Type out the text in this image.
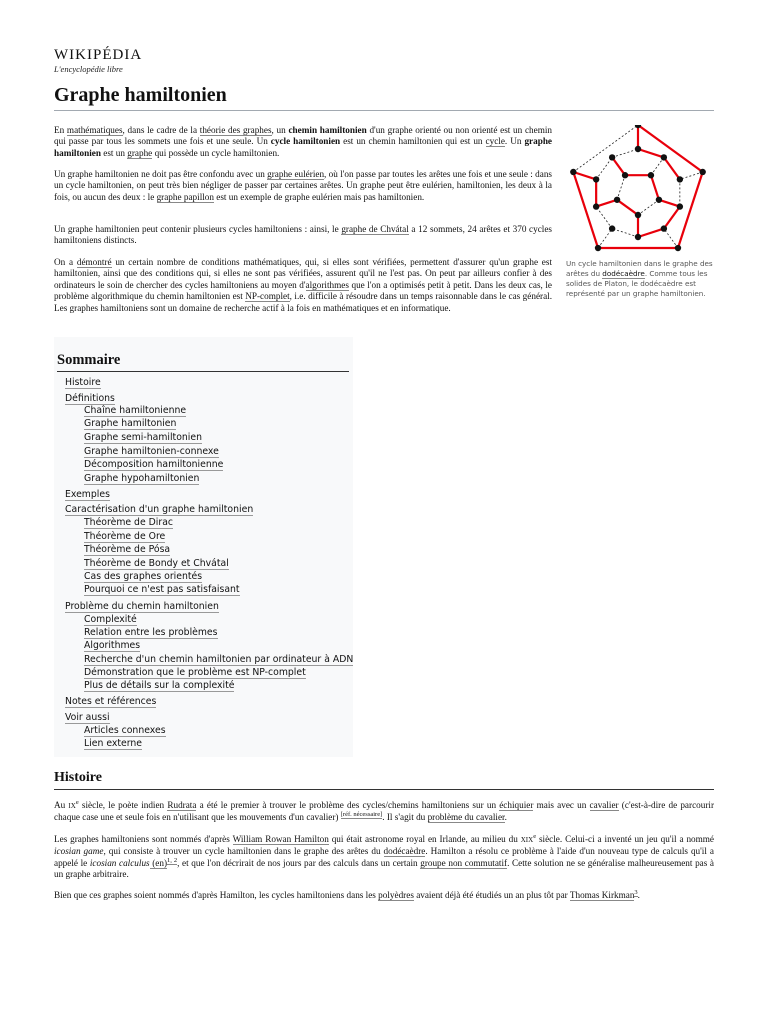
WIKIPÉDIA
L'encyclopédie libre
Graphe hamiltonien

En mathématiques, dans le cadre de la théorie des graphes, un chemin hamiltonien d'un graphe orienté ou non orienté est un chemin qui passe par tous les sommets une fois et une seule. Un cycle hamiltonien est un chemin hamiltonien qui est un cycle. Un graphe hamiltonien est un graphe qui possède un cycle hamiltonien.

Un graphe hamiltonien ne doit pas être confondu avec un graphe eulérien, où l'on passe par toutes les arêtes une fois et une seule : dans un cycle hamiltonien, on peut très bien négliger de passer par certaines arêtes. Un graphe peut être eulérien, hamiltonien, les deux à la fois, ou aucun des deux : le graphe papillon est un exemple de graphe eulérien mais pas hamiltonien.

Un graphe hamiltonien peut contenir plusieurs cycles hamiltoniens : ainsi, le graphe de Chvátal a 12 sommets, 24 arêtes et 370 cycles hamiltoniens distincts.

On a démontré un certain nombre de conditions mathématiques, qui, si elles sont vérifiées, permettent d'assurer qu'un graphe est hamiltonien, ainsi que des conditions qui, si elles ne sont pas vérifiées, assurent qu'il ne l'est pas. On peut par ailleurs confier à des ordinateurs le soin de chercher des cycles hamiltoniens au moyen d'algorithmes que l'on a optimisés petit à petit. Dans les deux cas, le problème algorithmique du chemin hamiltonien est NP-complet, i.e. difficile à résoudre dans un temps raisonnable dans le cas général. Les graphes hamiltoniens sont un domaine de recherche actif à la fois en mathématiques et en informatique.

Un cycle hamiltonien dans le graphe des arêtes du dodécaèdre. Comme tous les solides de Platon, le dodécaèdre est représenté par un graphe hamiltonien.
Sommaire
Histoire
Définitions
Chaîne hamiltonienne
Graphe hamiltonien
Graphe semi-hamiltonien
Graphe hamiltonien-connexe
Décomposition hamiltonienne
Graphe hypohamiltonien
Exemples
Caractérisation d'un graphe hamiltonien
Théorème de Dirac
Théorème de Ore
Théorème de Pósa
Théorème de Bondy et Chvátal
Cas des graphes orientés
Pourquoi ce n'est pas satisfaisant
Problème du chemin hamiltonien
Complexité
Relation entre les problèmes
Algorithmes
Recherche d'un chemin hamiltonien par ordinateur à ADN
Démonstration que le problème est NP-complet
Plus de détails sur la complexité
Notes et références
Voir aussi
Articles connexes
Lien externe
Histoire

Au IXe siècle, le poète indien Rudrata a été le premier à trouver le problème des cycles/chemins hamiltoniens sur un échiquier mais avec un cavalier (c'est-à-dire de parcourir chaque case une et seule fois en n'utilisant que les mouvements d'un cavalier) [réf. nécessaire]. Il s'agit du problème du cavalier.

Les graphes hamiltoniens sont nommés d'après William Rowan Hamilton qui était astronome royal en Irlande, au milieu du XIXe siècle. Celui-ci a inventé un jeu qu'il a nommé icosian game, qui consiste à trouver un cycle hamiltonien dans le graphe des arêtes du dodécaèdre. Hamilton a résolu ce problème à l'aide d'un nouveau type de calculs qu'il a appelé le icosian calculus (en)$^{1, 2}$, et que l'on décrirait de nos jours par des calculs dans un certain groupe non commutatif. Cette solution ne se généralise malheureusement pas à un graphe arbitraire.

Bien que ces graphes soient nommés d'après Hamilton, les cycles hamiltoniens dans les polyèdres avaient déjà été étudiés un an plus tôt par Thomas Kirkman$^3$.
